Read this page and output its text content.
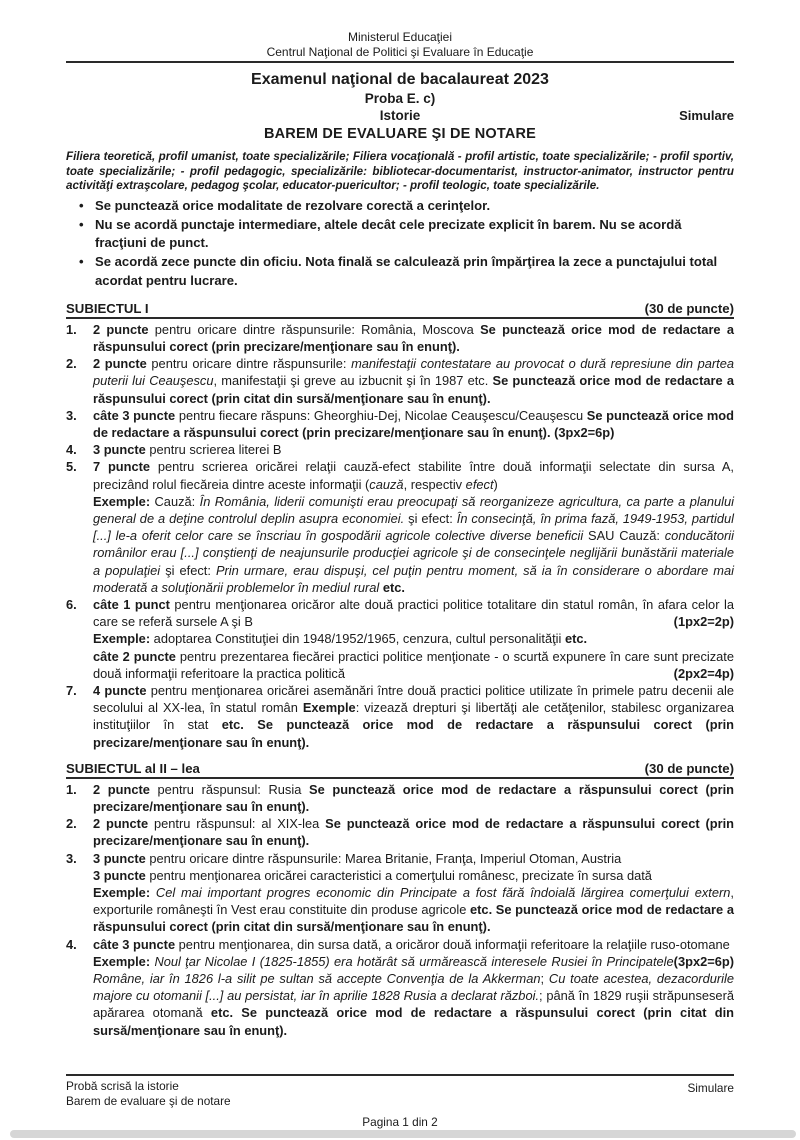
Ministerul Educaţiei
Centrul Naţional de Politici şi Evaluare în Educaţie
Examenul naţional de bacalaureat 2023
Proba E. c)
Istorie	Simulare
BAREM DE EVALUARE ŞI DE NOTARE

Filiera teoretică, profil umanist, toate specializările; Filiera vocaţională - profil artistic, toate specializările; - profil sportiv, toate specializările; - profil pedagogic, specializările: bibliotecar-documentarist, instructor-animator, instructor pentru activităţi extraşcolare, pedagog şcolar, educator-puericultor; - profil teologic, toate specializările.

• Se punctează orice modalitate de rezolvare corectă a cerinţelor.
• Nu se acordă punctaje intermediare, altele decât cele precizate explicit în barem. Nu se acordă fracţiuni de punct.
• Se acordă zece puncte din oficiu. Nota finală se calculează prin împărţirea la zece a punctajului total acordat pentru lucrare.
SUBIECTUL I	(30 de puncte)
1.	2 puncte pentru oricare dintre răspunsurile: România, Moscova Se punctează orice mod de redactare a răspunsului corect (prin precizare/menţionare sau în enunţ).

2.	2 puncte pentru oricare dintre răspunsurile: manifestaţii contestatare au provocat o dură represiune din partea puterii lui Ceauşescu, manifestaţii şi greve au izbucnit şi în 1987 etc. Se punctează orice mod de redactare a răspunsului corect (prin citat din sursă/menţionare sau în enunţ).

3.	câte 3 puncte pentru fiecare răspuns: Gheorghiu-Dej, Nicolae Ceauşescu/Ceauşescu Se punctează orice mod de redactare a răspunsului corect (prin precizare/menţionare sau în enunţ). (3px2=6p)

4.	3 puncte pentru scrierea literei B

5.	7 puncte pentru scrierea oricărei relaţii cauză-efect stabilite între două informaţii selectate din sursa A, precizând rolul fiecăreia dintre aceste informaţii (cauză, respectiv efect)
Exemple: Cauză: În România, liderii comunişti erau preocupaţi să reorganizeze agricultura, ca parte a planului general de a deţine controlul deplin asupra economiei. şi efect: În consecinţă, în prima fază, 1949-1953, partidul [...] le-a oferit celor care se înscriau în gospodării agricole colective diverse beneficii SAU Cauză: conducătorii românilor erau [...] conştienţi de neajunsurile producţiei agricole şi de consecinţele neglijării bunăstării materiale a populaţiei şi efect: Prin urmare, erau dispuşi, cel puţin pentru moment, să ia în considerare o abordare mai moderată a soluţionării problemelor în mediul rural etc.

6.	câte 1 punct pentru menţionarea oricăror alte două practici politice totalitare din statul român, în afara celor la care se referă sursele A şi B	(1px2=2p)

Exemple: adoptarea Constituţiei din 1948/1952/1965, cenzura, cultul personalităţii etc.
câte 2 puncte pentru prezentarea fiecărei practici politice menţionate - o scurtă expunere în care sunt precizate două informaţii referitoare la practica politică	(2px2=4p)

7.	4 puncte pentru menţionarea oricărei asemănări între două practici politice utilizate în primele patru decenii ale secolului al XX-lea, în statul român Exemple: vizează drepturi şi libertăţi ale cetăţenilor, stabilesc organizarea instituţiilor în stat etc. Se punctează orice mod de redactare a răspunsului corect (prin precizare/menţionare sau în enunţ).

SUBIECTUL al II – lea	(30 de puncte)
1.	2 puncte pentru răspunsul: Rusia Se punctează orice mod de redactare a răspunsului corect (prin precizare/menţionare sau în enunţ).

2.	2 puncte pentru răspunsul: al XIX-lea Se punctează orice mod de redactare a răspunsului corect (prin precizare/menţionare sau în enunţ).

3.	3 puncte pentru oricare dintre răspunsurile: Marea Britanie, Franţa, Imperiul Otoman, Austria
3 puncte pentru menţionarea oricărei caracteristici a comerţului românesc, precizate în sursa dată
Exemple: Cel mai important progres economic din Principate a fost fără îndoială lărgirea comerţului extern, exporturile româneşti în Vest erau constituite din produse agricole etc. Se punctează orice mod de redactare a răspunsului corect (prin citat din sursă/menţionare sau în enunţ).

4.	câte 3 puncte pentru menţionarea, din sursa dată, a oricăror două informaţii referitoare la relaţiile ruso-otomane
(3px2=6p)

Exemple: Noul ţar Nicolae I (1825-1855) era hotărât să urmărească interesele Rusiei în Principatele Române, iar în 1826 l-a silit pe sultan să accepte Convenţia de la Akkerman; Cu toate acestea, dezacordurile majore cu otomanii [...] au persistat, iar în aprilie 1828 Rusia a declarat război.; până în 1829 ruşii străpunseseră apărarea otomană etc. Se punctează orice mod de redactare a răspunsului corect (prin citat din sursă/menţionare sau în enunţ).

Probă scrisă la istorie
Barem de evaluare şi de notare
Simulare
Pagina 1 din 2
